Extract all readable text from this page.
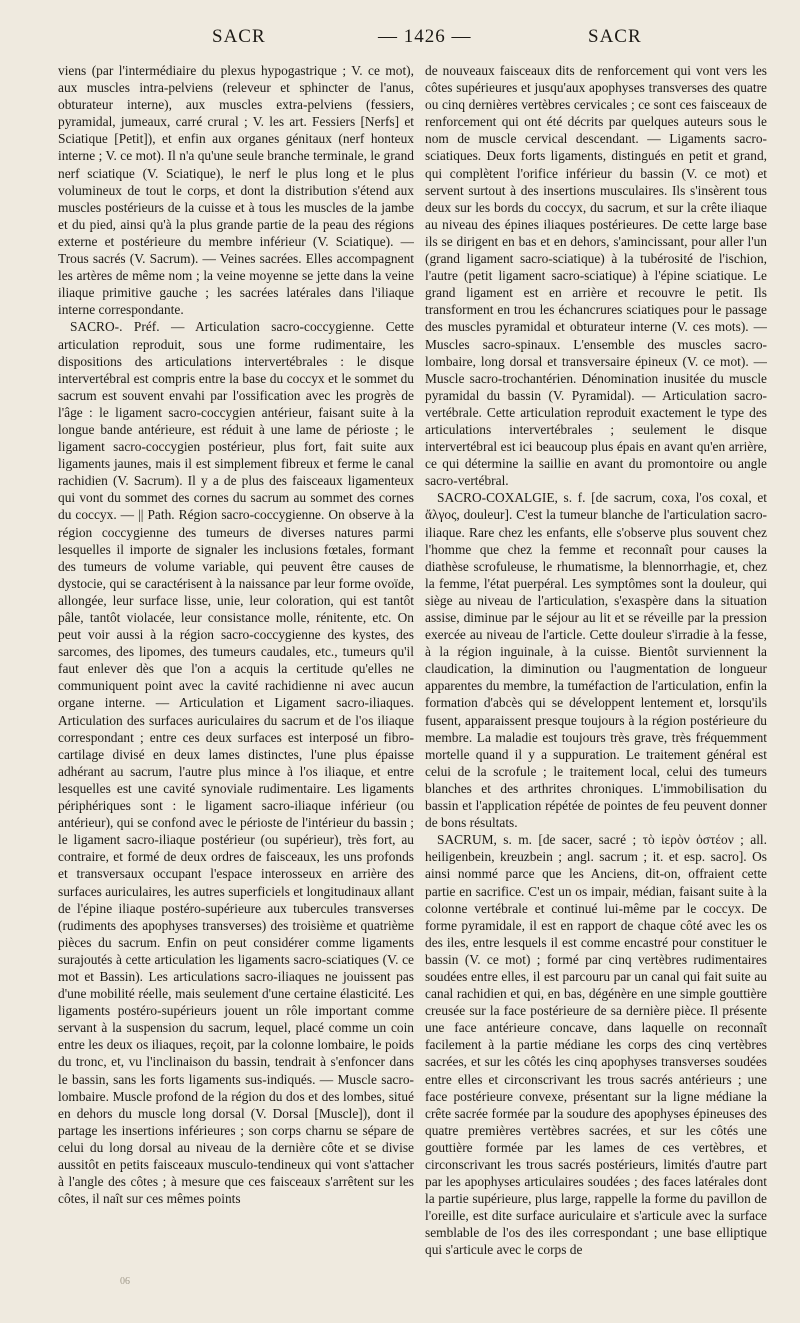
SACR	— 1426 —	SACR

viens (par l'intermédiaire du plexus hypogastrique ; V. ce mot), aux muscles intra-pelviens (releveur et sphincter de l'anus, obturateur interne), aux muscles extra-pelviens (fessiers, pyramidal, jumeaux, carré crural ; V. les art. Fessiers [Nerfs] et Sciatique [Petit]), et enfin aux organes génitaux (nerf honteux interne ; V. ce mot). Il n'a qu'une seule branche terminale, le grand nerf sciatique (V. Sciatique), le nerf le plus long et le plus volumineux de tout le corps, et dont la distribution s'étend aux muscles postérieurs de la cuisse et à tous les muscles de la jambe et du pied, ainsi qu'à la plus grande partie de la peau des régions externe et postérieure du membre inférieur (V. Sciatique). — Trous sacrés (V. Sacrum). — Veines sacrées. Elles accompagnent les artères de même nom ; la veine moyenne se jette dans la veine iliaque primitive gauche ; les sacrées latérales dans l'iliaque interne correspondante.

SACRO-. Préf. — Articulation sacro-coccygienne. Cette articulation reproduit, sous une forme rudimentaire, les dispositions des articulations intervertébrales : le disque intervertébral est compris entre la base du coccyx et le sommet du sacrum est souvent envahi par l'ossification avec les progrès de l'âge : le ligament sacro-coccygien antérieur, faisant suite à la longue bande antérieure, est réduit à une lame de périoste ; le ligament sacro-coccygien postérieur, plus fort, fait suite aux ligaments jaunes, mais il est simplement fibreux et ferme le canal rachidien (V. Sacrum). Il y a de plus des faisceaux ligamenteux qui vont du sommet des cornes du sacrum au sommet des cornes du coccyx. — || Path. Région sacro-coccygienne. On observe à la région coccygienne des tumeurs de diverses natures parmi lesquelles il importe de signaler les inclusions fœtales, formant des tumeurs de volume variable, qui peuvent être causes de dystocie, qui se caractérisent à la naissance par leur forme ovoïde, allongée, leur surface lisse, unie, leur coloration, qui est tantôt pâle, tantôt violacée, leur consistance molle, rénitente, etc. On peut voir aussi à la région sacro-coccygienne des kystes, des sarcomes, des lipomes, des tumeurs caudales, etc., tumeurs qu'il faut enlever dès que l'on a acquis la certitude qu'elles ne communiquent point avec la cavité rachidienne ni avec aucun organe interne. — Articulation et Ligament sacro-iliaques. Articulation des surfaces auriculaires du sacrum et de l'os iliaque correspondant ; entre ces deux surfaces est interposé un fibro-cartilage divisé en deux lames distinctes, l'une plus épaisse adhérant au sacrum, l'autre plus mince à l'os iliaque, et entre lesquelles est une cavité synoviale rudimentaire. Les ligaments périphériques sont : le ligament sacro-iliaque inférieur (ou antérieur), qui se confond avec le périoste de l'intérieur du bassin ; le ligament sacro-iliaque postérieur (ou supérieur), très fort, au contraire, et formé de deux ordres de faisceaux, les uns profonds et transversaux occupant l'espace interosseux en arrière des surfaces auriculaires, les autres superficiels et longitudinaux allant de l'épine iliaque postéro-supérieure aux tubercules transverses (rudiments des apophyses transverses) des troisième et quatrième pièces du sacrum. Enfin on peut considérer comme ligaments surajoutés à cette articulation les ligaments sacro-sciatiques (V. ce mot et Bassin). Les articulations sacro-iliaques ne jouissent pas d'une mobilité réelle, mais seulement d'une certaine élasticité. Les ligaments postéro-supérieurs jouent un rôle important comme servant à la suspension du sacrum, lequel, placé comme un coin entre les deux os iliaques, reçoit, par la colonne lombaire, le poids du tronc, et, vu l'inclinaison du bassin, tendrait à s'enfoncer dans le bassin, sans les forts ligaments sus-indiqués. — Muscle sacro-lombaire. Muscle profond de la région du dos et des lombes, situé en dehors du muscle long dorsal (V. Dorsal [Muscle]), dont il partage les insertions inférieures ; son corps charnu se sépare de celui du long dorsal au niveau de la dernière côte et se divise aussitôt en petits faisceaux musculo-tendineux qui vont s'attacher à l'angle des côtes ; à mesure que ces faisceaux s'arrêtent sur les côtes, il naît sur ces mêmes points

de nouveaux faisceaux dits de renforcement qui vont vers les côtes supérieures et jusqu'aux apophyses transverses des quatre ou cinq dernières vertèbres cervicales ; ce sont ces faisceaux de renforcement qui ont été décrits par quelques auteurs sous le nom de muscle cervical descendant. — Ligaments sacro-sciatiques. Deux forts ligaments, distingués en petit et grand, qui complètent l'orifice inférieur du bassin (V. ce mot) et servent surtout à des insertions musculaires. Ils s'insèrent tous deux sur les bords du coccyx, du sacrum, et sur la crête iliaque au niveau des épines iliaques postérieures. De cette large base ils se dirigent en bas et en dehors, s'amincissant, pour aller l'un (grand ligament sacro-sciatique) à la tubérosité de l'ischion, l'autre (petit ligament sacro-sciatique) à l'épine sciatique. Le grand ligament est en arrière et recouvre le petit. Ils transforment en trou les échancrures sciatiques pour le passage des muscles pyramidal et obturateur interne (V. ces mots). — Muscles sacro-spinaux. L'ensemble des muscles sacro-lombaire, long dorsal et transversaire épineux (V. ce mot). — Muscle sacro-trochantérien. Dénomination inusitée du muscle pyramidal du bassin (V. Pyramidal). — Articulation sacro-vertébrale. Cette articulation reproduit exactement le type des articulations intervertébrales ; seulement le disque intervertébral est ici beaucoup plus épais en avant qu'en arrière, ce qui détermine la saillie en avant du promontoire ou angle sacro-vertébral.

SACRO-COXALGIE, s. f. [de sacrum, coxa, l'os coxal, et ἄλγος, douleur]. C'est la tumeur blanche de l'articulation sacro-iliaque. Rare chez les enfants, elle s'observe plus souvent chez l'homme que chez la femme et reconnaît pour causes la diathèse scrofuleuse, le rhumatisme, la blennorrhagie, et, chez la femme, l'état puerpéral. Les symptômes sont la douleur, qui siège au niveau de l'articulation, s'exaspère dans la situation assise, diminue par le séjour au lit et se réveille par la pression exercée au niveau de l'article. Cette douleur s'irradie à la fesse, à la région inguinale, à la cuisse. Bientôt surviennent la claudication, la diminution ou l'augmentation de longueur apparentes du membre, la tuméfaction de l'articulation, enfin la formation d'abcès qui se développent lentement et, lorsqu'ils fusent, apparaissent presque toujours à la région postérieure du membre. La maladie est toujours très grave, très fréquemment mortelle quand il y a suppuration. Le traitement général est celui de la scrofule ; le traitement local, celui des tumeurs blanches et des arthrites chroniques. L'immobilisation du bassin et l'application répétée de pointes de feu peuvent donner de bons résultats.

SACRUM, s. m. [de sacer, sacré ; τὸ ἱερὸν ὀστέον ; all. heiligenbein, kreuzbein ; angl. sacrum ; it. et esp. sacro]. Os ainsi nommé parce que les Anciens, dit-on, offraient cette partie en sacrifice. C'est un os impair, médian, faisant suite à la colonne vertébrale et continué lui-même par le coccyx. De forme pyramidale, il est en rapport de chaque côté avec les os des iles, entre lesquels il est comme encastré pour constituer le bassin (V. ce mot) ; formé par cinq vertèbres rudimentaires soudées entre elles, il est parcouru par un canal qui fait suite au canal rachidien et qui, en bas, dégénère en une simple gouttière creusée sur la face postérieure de sa dernière pièce. Il présente une face antérieure concave, dans laquelle on reconnaît facilement à la partie médiane les corps des cinq vertèbres sacrées, et sur les côtés les cinq apophyses transverses soudées entre elles et circonscrivant les trous sacrés antérieurs ; une face postérieure convexe, présentant sur la ligne médiane la crête sacrée formée par la soudure des apophyses épineuses des quatre premières vertèbres sacrées, et sur les côtés une gouttière formée par les lames de ces vertèbres, et circonscrivant les trous sacrés postérieurs, limités d'autre part par les apophyses articulaires soudées ; des faces latérales dont la partie supérieure, plus large, rappelle la forme du pavillon de l'oreille, est dite surface auriculaire et s'articule avec la surface semblable de l'os des iles correspondant ; une base elliptique qui s'articule avec le corps de

90
